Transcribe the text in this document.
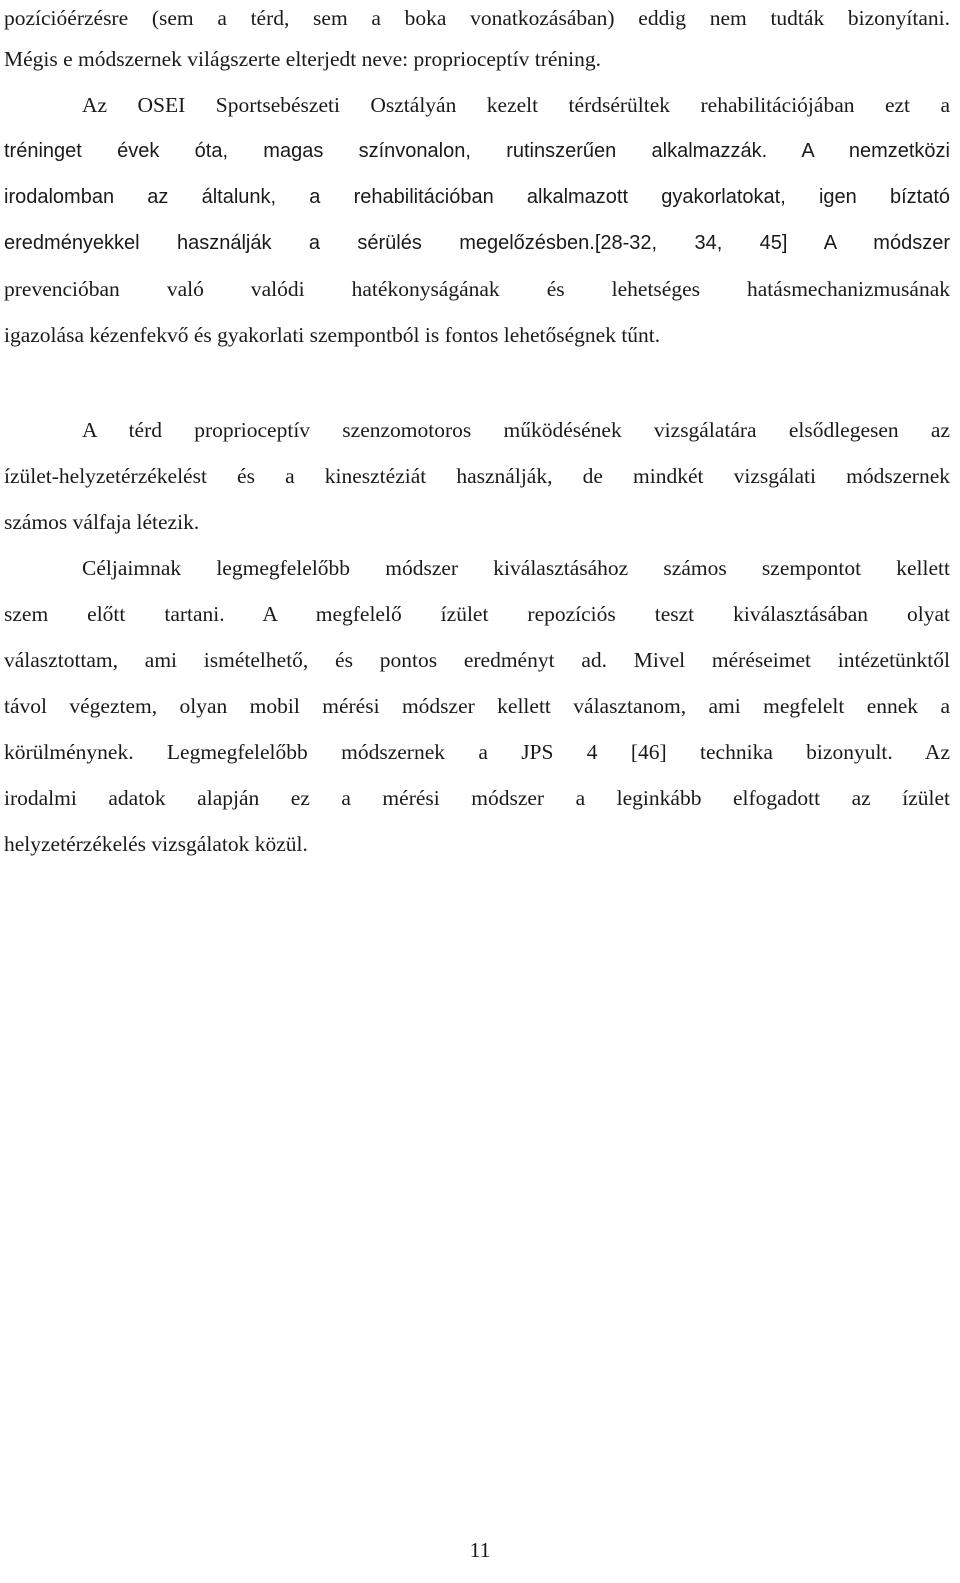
pozícióérzésre (sem a térd, sem a boka vonatkozásában) eddig nem tudták bizonyítani.
Mégis e módszernek világszerte elterjedt neve: proprioceptív tréning.
Az OSEI Sportsebészeti Osztályán kezelt térdsérültek rehabilitációjában ezt a
tréninget évek óta, magas színvonalon, rutinszerűen alkalmazzák. A nemzetközi
irodalomban az általunk, a rehabilitációban alkalmazott gyakorlatokat, igen bíztató
eredményekkel használják a sérülés megelőzésben.[28-32, 34, 45] A módszer
prevencióban való valódi hatékonyságának és lehetséges hatásmechanizmusának
igazolása kézenfekvő és gyakorlati szempontból is fontos lehetőségnek tűnt.
A térd proprioceptív szenzomotoros működésének vizsgálatára elsődlegesen az
ízület-helyzetérzékelést és a kinesztéziát használják, de mindkét vizsgálati módszernek
számos válfaja létezik.
Céljaimnak legmegfelelőbb módszer kiválasztásához számos szempontot kellett
szem előtt tartani. A megfelelő ízület repozíciós teszt kiválasztásában olyat
választottam, ami ismételhető, és pontos eredményt ad. Mivel méréseimet intézetünktől
távol végeztem, olyan mobil mérési módszer kellett választanom, ami megfelelt ennek a
körülménynek. Legmegfelelőbb módszernek a JPS 4 [46] technika bizonyult. Az
irodalmi adatok alapján ez a mérési módszer a leginkább elfogadott az ízület
helyzetérzékelés vizsgálatok közül.
11
